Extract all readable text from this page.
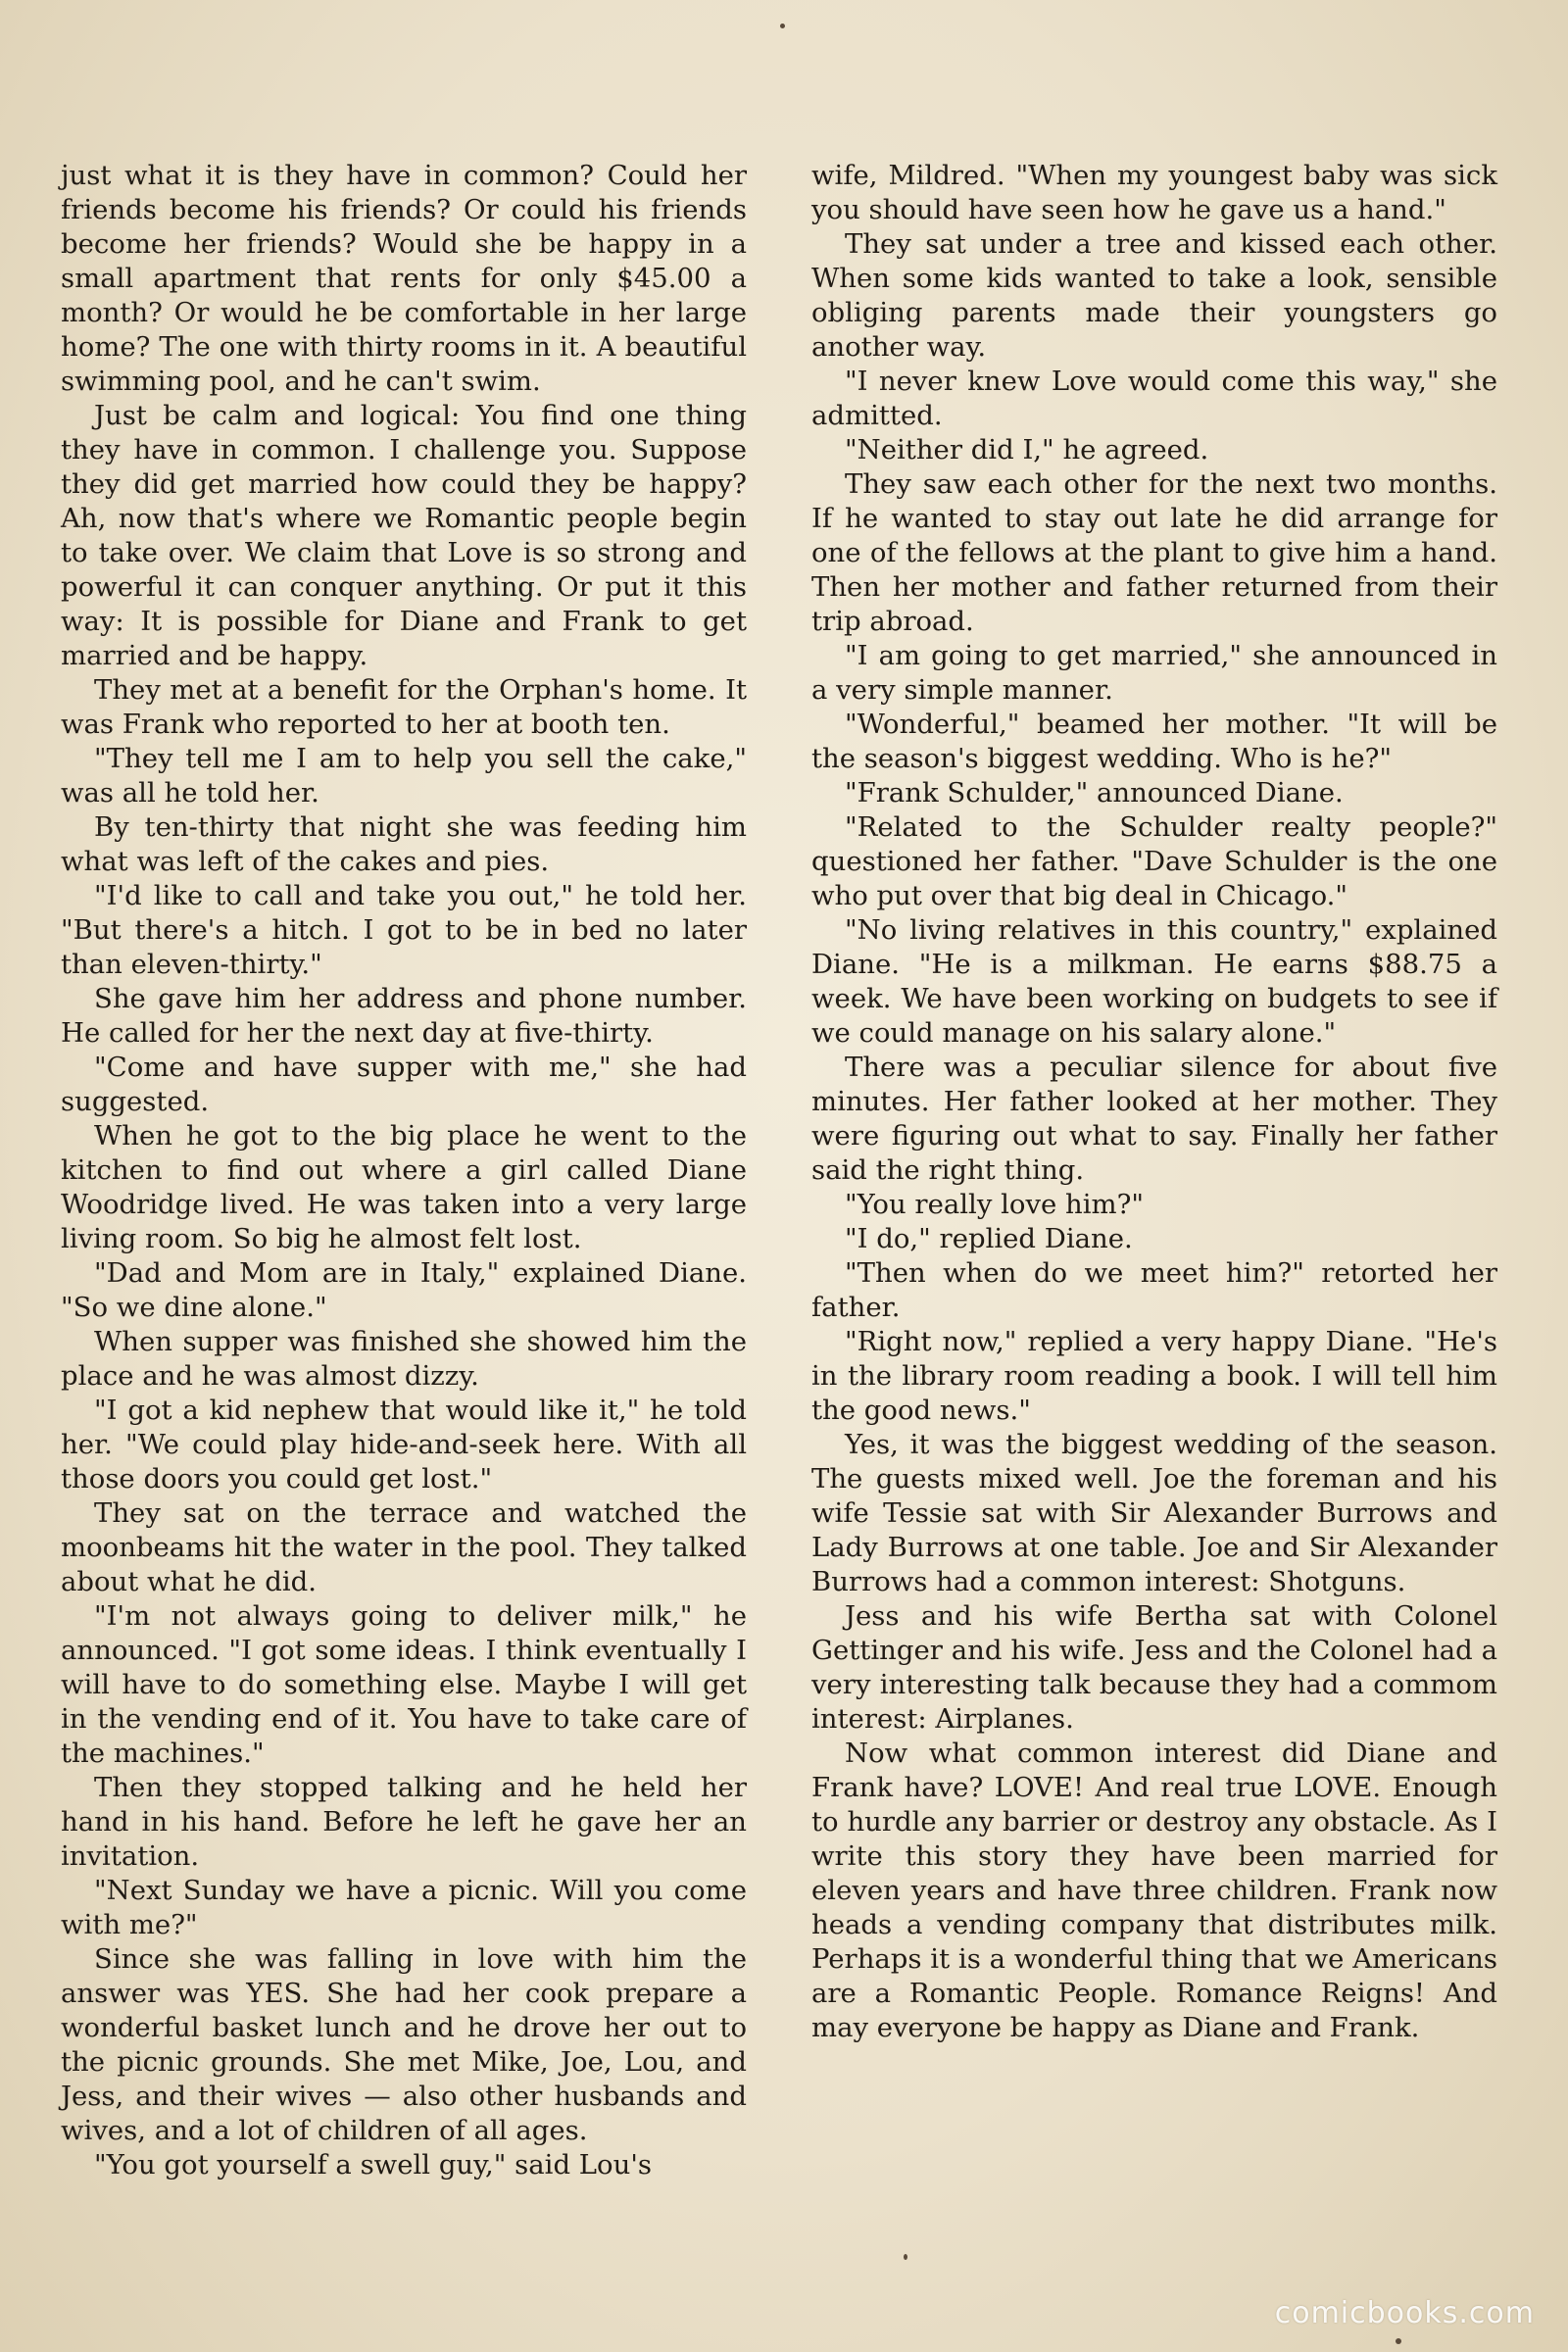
just what it is they have in common? Could her friends become his friends? Or could his friends become her friends? Would she be happy in a small apartment that rents for only $45.00 a month? Or would he be comfortable in her large home? The one with thirty rooms in it. A beautiful swimming pool, and he can't swim.

Just be calm and logical: You find one thing they have in common. I challenge you. Suppose they did get married how could they be happy? Ah, now that's where we Romantic people begin to take over. We claim that Love is so strong and powerful it can conquer anything. Or put it this way: It is possible for Diane and Frank to get married and be happy.

They met at a benefit for the Orphan's home. It was Frank who reported to her at booth ten.

"They tell me I am to help you sell the cake," was all he told her.

By ten-thirty that night she was feeding him what was left of the cakes and pies.

"I'd like to call and take you out," he told her. "But there's a hitch. I got to be in bed no later than eleven-thirty."

She gave him her address and phone number. He called for her the next day at five-thirty.

"Come and have supper with me," she had suggested.

When he got to the big place he went to the kitchen to find out where a girl called Diane Woodridge lived. He was taken into a very large living room. So big he almost felt lost.

"Dad and Mom are in Italy," explained Diane. "So we dine alone."

When supper was finished she showed him the place and he was almost dizzy.

"I got a kid nephew that would like it," he told her. "We could play hide-and-seek here. With all those doors you could get lost."

They sat on the terrace and watched the moonbeams hit the water in the pool. They talked about what he did.

"I'm not always going to deliver milk," he announced. "I got some ideas. I think eventually I will have to do something else. Maybe I will get in the vending end of it. You have to take care of the machines."

Then they stopped talking and he held her hand in his hand. Before he left he gave her an invitation.

"Next Sunday we have a picnic. Will you come with me?"

Since she was falling in love with him the answer was YES. She had her cook prepare a wonderful basket lunch and he drove her out to the picnic grounds. She met Mike, Joe, Lou, and Jess, and their wives — also other husbands and wives, and a lot of children of all ages.

"You got yourself a swell guy," said Lou's

wife, Mildred. "When my youngest baby was sick you should have seen how he gave us a hand."

They sat under a tree and kissed each other. When some kids wanted to take a look, sensible obliging parents made their youngsters go another way.

"I never knew Love would come this way," she admitted.

"Neither did I," he agreed.

They saw each other for the next two months. If he wanted to stay out late he did arrange for one of the fellows at the plant to give him a hand. Then her mother and father returned from their trip abroad.

"I am going to get married," she announced in a very simple manner.

"Wonderful," beamed her mother. "It will be the season's biggest wedding. Who is he?"

"Frank Schulder," announced Diane.

"Related to the Schulder realty people?" questioned her father. "Dave Schulder is the one who put over that big deal in Chicago."

"No living relatives in this country," explained Diane. "He is a milkman. He earns $88.75 a week. We have been working on budgets to see if we could manage on his salary alone."

There was a peculiar silence for about five minutes. Her father looked at her mother. They were figuring out what to say. Finally her father said the right thing.

"You really love him?"

"I do," replied Diane.

"Then when do we meet him?" retorted her father.

"Right now," replied a very happy Diane. "He's in the library room reading a book. I will tell him the good news."

Yes, it was the biggest wedding of the season. The guests mixed well. Joe the foreman and his wife Tessie sat with Sir Alexander Burrows and Lady Burrows at one table. Joe and Sir Alexander Burrows had a common interest: Shotguns.

Jess and his wife Bertha sat with Colonel Gettinger and his wife. Jess and the Colonel had a very interesting talk because they had a commom interest: Airplanes.

Now what common interest did Diane and Frank have? LOVE! And real true LOVE. Enough to hurdle any barrier or destroy any obstacle. As I write this story they have been married for eleven years and have three children. Frank now heads a vending company that distributes milk. Perhaps it is a wonderful thing that we Americans are a Romantic People. Romance Reigns! And may everyone be happy as Diane and Frank.

comicbooks.com
